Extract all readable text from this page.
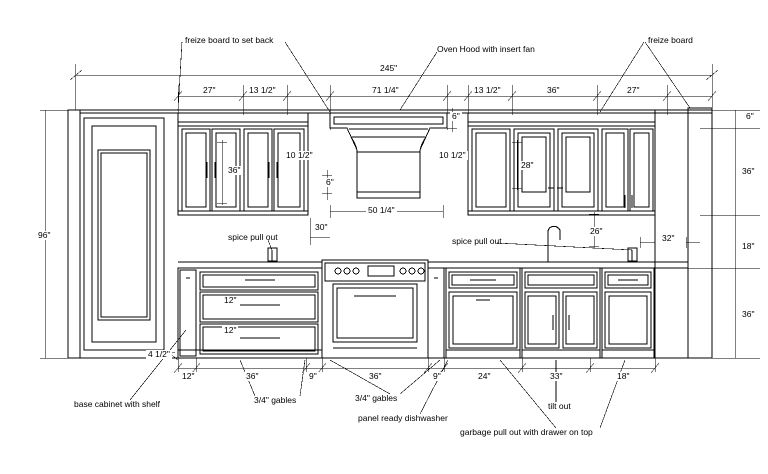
freize board to set back
Oven Hood with insert fan
freize board
spice pull out	spice pull out
base cabinet with shelf	3/4" gables	3/4" gables
panel ready dishwasher
tilt out
garbage pull out with drawer on top
245"
27"	13 1/2"	71 1/4"	13 1/2"	36"	27"
10 1/2"	10 1/2"
36"	28"
6"
6"
50 1/4"
30"	26"
32"
12"
12"
96"
4 1/2"
6"
36"
18"
36"
12"	36"	9"	36"	9"	24"	33"	18"
